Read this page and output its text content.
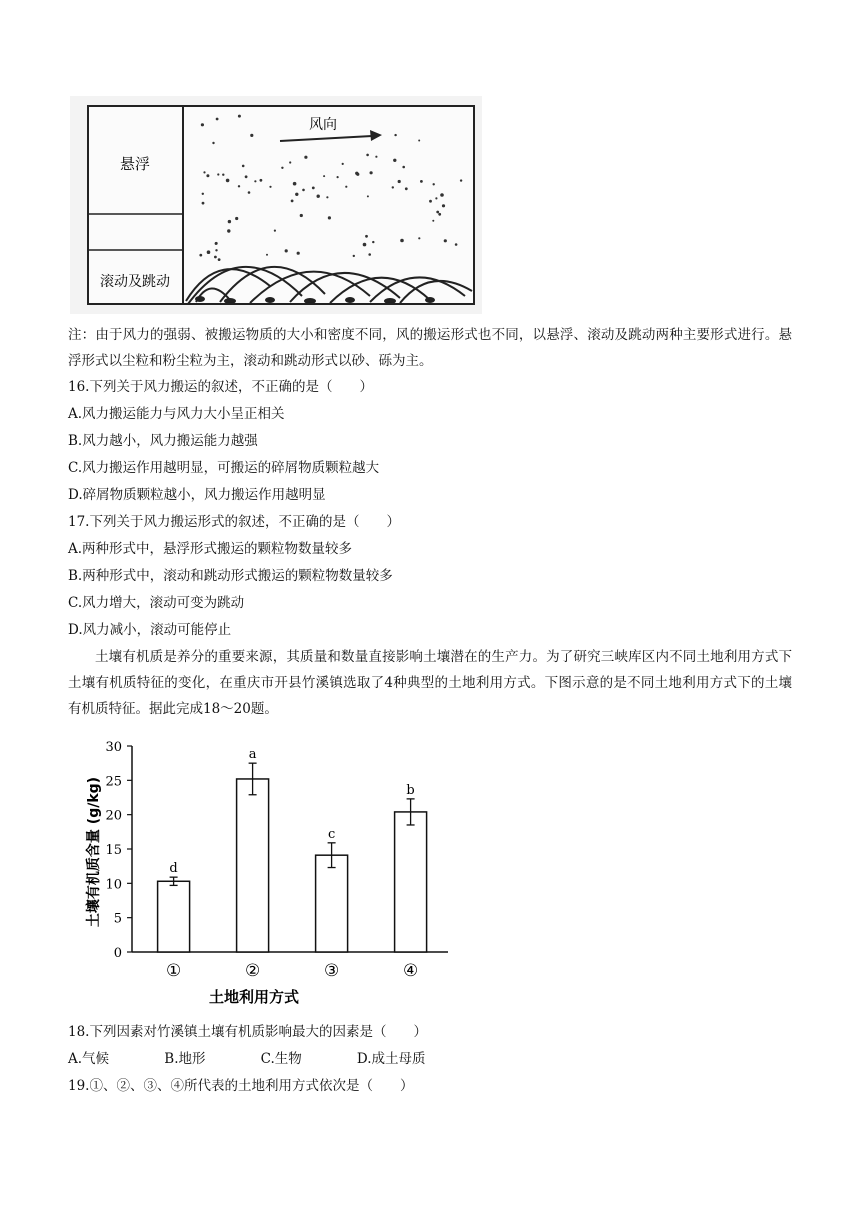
悬浮
滚动及跳动
风向
注：由于风力的强弱、被搬运物质的大小和密度不同，风的搬运形式也不同，以悬浮、滚动及跳动两种主要形式进行。悬浮形式以尘粒和粉尘粒为主，滚动和跳动形式以砂、砾为主。
16.下列关于风力搬运的叙述，不正确的是（　　）
A.风力搬运能力与风力大小呈正相关
B.风力越小，风力搬运能力越强
C.风力搬运作用越明显，可搬运的碎屑物质颗粒越大
D.碎屑物质颗粒越小，风力搬运作用越明显
17.下列关于风力搬运形式的叙述，不正确的是（　　）
A.两种形式中，悬浮形式搬运的颗粒物数量较多
B.两种形式中，滚动和跳动形式搬运的颗粒物数量较多
C.风力增大，滚动可变为跳动
D.风力减小，滚动可能停止
土壤有机质是养分的重要来源，其质量和数量直接影响土壤潜在的生产力。为了研究三峡库区内不同土地利用方式下土壤有机质特征的变化，在重庆市开县竹溪镇选取了4种典型的土地利用方式。下图示意的是不同土地利用方式下的土壤有机质特征。据此完成18～20题。
0
5
10
15
20
25
30
d
a
c
b
①	②	③	④
土壤有机质含量 (g/kg)
土地利用方式
18.下列因素对竹溪镇土壤有机质影响最大的因素是（　　）
A.气候	B.地形	C.生物	D.成土母质
19.①、②、③、④所代表的土地利用方式依次是（　　）
